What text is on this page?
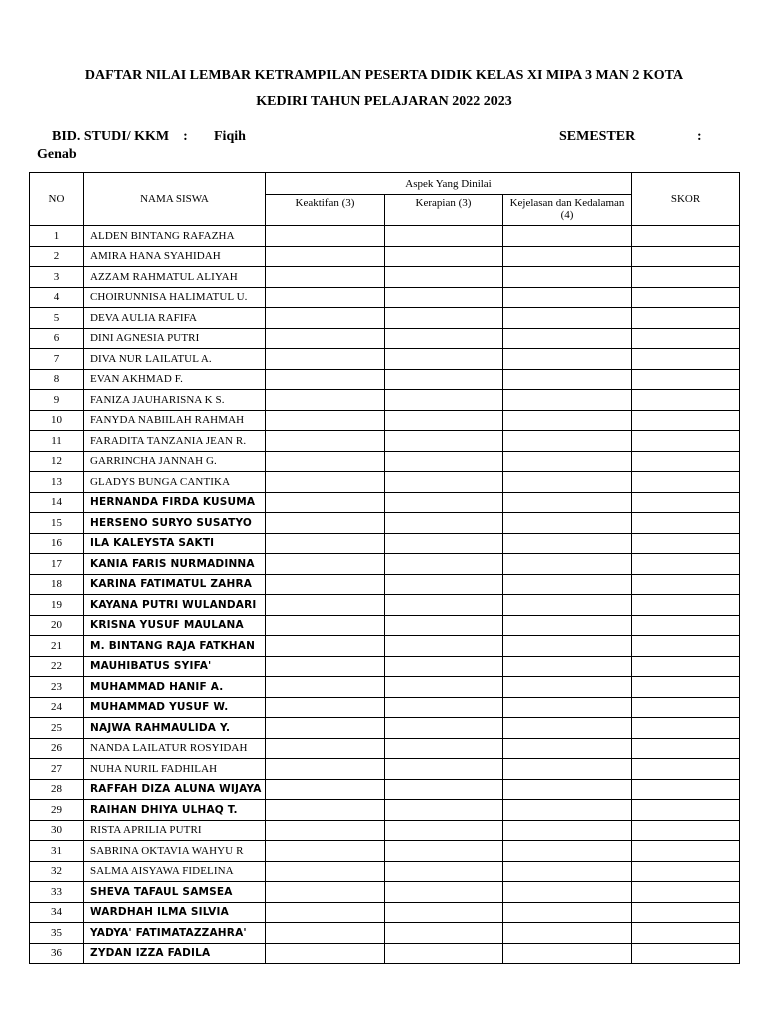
DAFTAR NILAI LEMBAR KETRAMPILAN PESERTA DIDIK KELAS XI MIPA 3 MAN 2 KOTA
KEDIRI TAHUN PELAJARAN 2022 2023
BID. STUDI/ KKM    : Fiqih	SEMESTER	:
Genab
NO	NAMA SISWA	Aspek Yang Dinilai			SKOR
		Keaktifan (3)	Kerapian (3)	Kejelasan dan Kedalaman (4)	
1	ALDEN BINTANG RAFAZHA				
2	AMIRA HANA SYAHIDAH				
3	AZZAM RAHMATUL ALIYAH				
4	CHOIRUNNISA HALIMATUL U.				
5	DEVA AULIA RAFIFA				
6	DINI AGNESIA PUTRI				
7	DIVA NUR LAILATUL A.				
8	EVAN AKHMAD F.				
9	FANIZA JAUHARISNA K S.				
10	FANYDA NABIILAH RAHMAH				
11	FARADITA TANZANIA JEAN R.				
12	GARRINCHA JANNAH G.				
13	GLADYS BUNGA CANTIKA				
14	HERNANDA FIRDA KUSUMA				
15	HERSENO SURYO SUSATYO				
16	ILA KALEYSTA SAKTI				
17	KANIA FARIS NURMADINNA				
18	KARINA FATIMATUL ZAHRA				
19	KAYANA PUTRI WULANDARI				
20	KRISNA YUSUF MAULANA				
21	M. BINTANG RAJA FATKHAN				
22	MAUHIBATUS SYIFA'				
23	MUHAMMAD HANIF A.				
24	MUHAMMAD YUSUF W.				
25	NAJWA RAHMAULIDA Y.				
26	NANDA LAILATUR ROSYIDAH				
27	NUHA NURIL FADHILAH				
28	RAFFAH DIZA ALUNA WIJAYA				
29	RAIHAN DHIYA ULHAQ T.				
30	RISTA APRILIA PUTRI				
31	SABRINA OKTAVIA WAHYU R				
32	SALMA AISYAWA FIDELINA				
33	SHEVA TAFAUL SAMSEA				
34	WARDHAH ILMA SILVIA				
35	YADYA' FATIMATAZZAHRA'				
36	ZYDAN IZZA FADILA				
